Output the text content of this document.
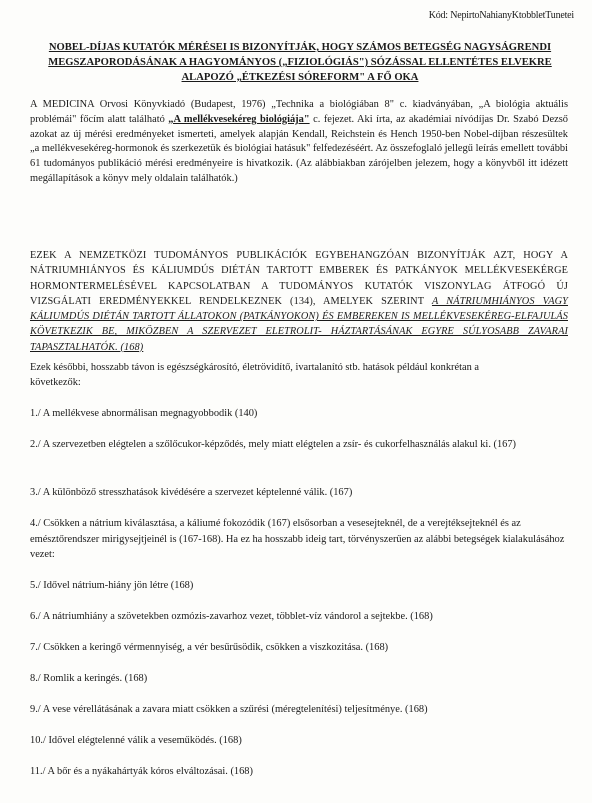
Kód: NepirtoNahianyKtobbletTunetei
NOBEL-DÍJAS KUTATÓK MÉRÉSEI IS BIZONYÍTJÁK, HOGY SZÁMOS BETEGSÉG NAGYSÁGRENDI MEGSZAPORODÁSÁNAK A HAGYOMÁNYOS („FIZIOLÓGIÁS") SÓZÁSSAL ELLENTÉTES ELVEKRE ALAPOZÓ „ÉTKEZÉSI SÓREFORM" A FŐ OKA
A MEDICINA Orvosi Könyvkiadó (Budapest, 1976) „Technika a biológiában 8" c. kiadványában, „A biológia aktuális problémái" főcím alatt található „A mellékvesekéreg biológiája" c. fejezet. Aki írta, az akadémiai nívódíjas Dr. Szabó Dezső azokat az új mérési eredményeket ismerteti, amelyek alapján Kendall, Reichstein és Hench 1950-ben Nobel-díjban részesültek „a mellékvesekéreg-hormonok és szerkezetük és biológiai hatásuk" felfedezéséért. Az összefoglaló jellegű leírás emellett további 61 tudományos publikáció mérési eredményeire is hivatkozik. (Az alábbiakban zárójelben jelezem, hogy a könyvből itt idézett megállapítások a könyv mely oldalain találhatók.)
EZEK A NEMZETKÖZI TUDOMÁNYOS PUBLIKÁCIÓK EGYBEHANGZÓAN BIZONYÍTJÁK AZT, HOGY A NÁTRIUMHIÁNYOS ÉS KÁLIUMDÚS DIÉTÁN TARTOTT EMBEREK ÉS PATKÁNYOK MELLÉKVESEKÉRGE HORMONTERMELÉSÉVEL KAPCSOLATBAN A TUDOMÁNYOS KUTATÓK VISZONYLAG ÁTFOGÓ ÚJ VIZSGÁLATI EREDMÉNYEKKEL RENDELKEZNEK (134), AMELYEK SZERINT A NÁTRIUMHIÁNYOS VAGY KÁLIUMDÚS DIÉTÁN TARTOTT ÁLLATOKON (PATKÁNYOKON) ÉS EMBEREKEN IS MELLÉKVESEKÉREG-ELFAJULÁS KÖVETKEZIK BE, MIKÖZBEN A SZERVEZET ELETROLIT- HÁZTARTÁSÁNAK EGYRE SÚLYOSABB ZAVARAI TAPASZTALHATÓK. (168)
Ezek későbbi, hosszabb távon is egészségkárosító, életrövidítő, ivartalanító stb. hatások például konkrétan a következők:
1./ A mellékvese abnormálisan megnagyobbodik (140)
2./ A szervezetben elégtelen a szőlőcukor-képződés, mely miatt elégtelen a zsír- és cukorfelhasználás alakul ki. (167)
3./ A különböző stresszhatások kivédésére a szervezet képtelenné válik. (167)
4./ Csökken a nátrium kiválasztása, a káliumé fokozódik (167) elsősorban a vesesejteknél, de a verejtéksejteknél és az emésztőrendszer mirigysejtjeinél is (167-168). Ha ez ha hosszabb ideig tart, törvényszerűen az alábbi betegségek kialakulásához vezet:
5./ Idővel nátrium-hiány jön létre (168)
6./ A nátriumhiány a szövetekben ozmózis-zavarhoz vezet, többlet-víz vándorol a sejtekbe. (168)
7./ Csökken a keringő vérmennyiség, a vér besűrűsödik, csökken a viszkozitása. (168)
8./ Romlik a keringés. (168)
9./ A vese vérellátásának a zavara miatt csökken a szűrési (méregtelenítési) teljesítménye. (168)
10./ Idővel elégtelenné válik a veseműködés. (168)
11./ A bőr és a nyákahártyák kóros elváltozásai. (168)
